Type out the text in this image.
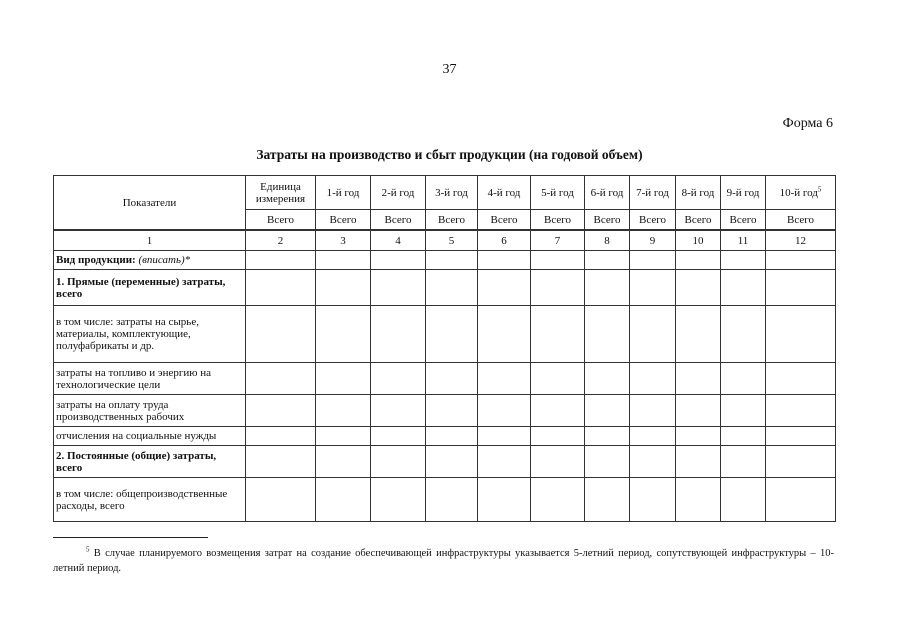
37
Форма 6
Затраты на производство и сбыт продукции (на годовой объем)
Показатели	Единица измерения	1-й год	2-й год	3-й год	4-й год	5-й год	6-й год	7-й год	8-й год	9-й год	10-й год$^5$
	Всего	Всего	Всего	Всего	Всего	Всего	Всего	Всего	Всего	Всего	Всего
1	2	3	4	5	6	7	8	9	10	11	12
Вид продукции: (вписать)*											
1. Прямые (переменные) затраты, всего											
в том числе: затраты на сырье, материалы, комплектующие, полуфабрикаты и др.											
затраты на топливо и энергию на технологические цели											
затраты на оплату труда производственных рабочих											
отчисления на социальные нужды											
2. Постоянные (общие) затраты, всего											
в том числе: общепроизводственные расходы, всего											
$^5$ В случае планируемого возмещения затрат на создание обеспечивающей инфраструктуры указывается 5-летний период, сопутствующей инфраструктуры – 10-летний период.
